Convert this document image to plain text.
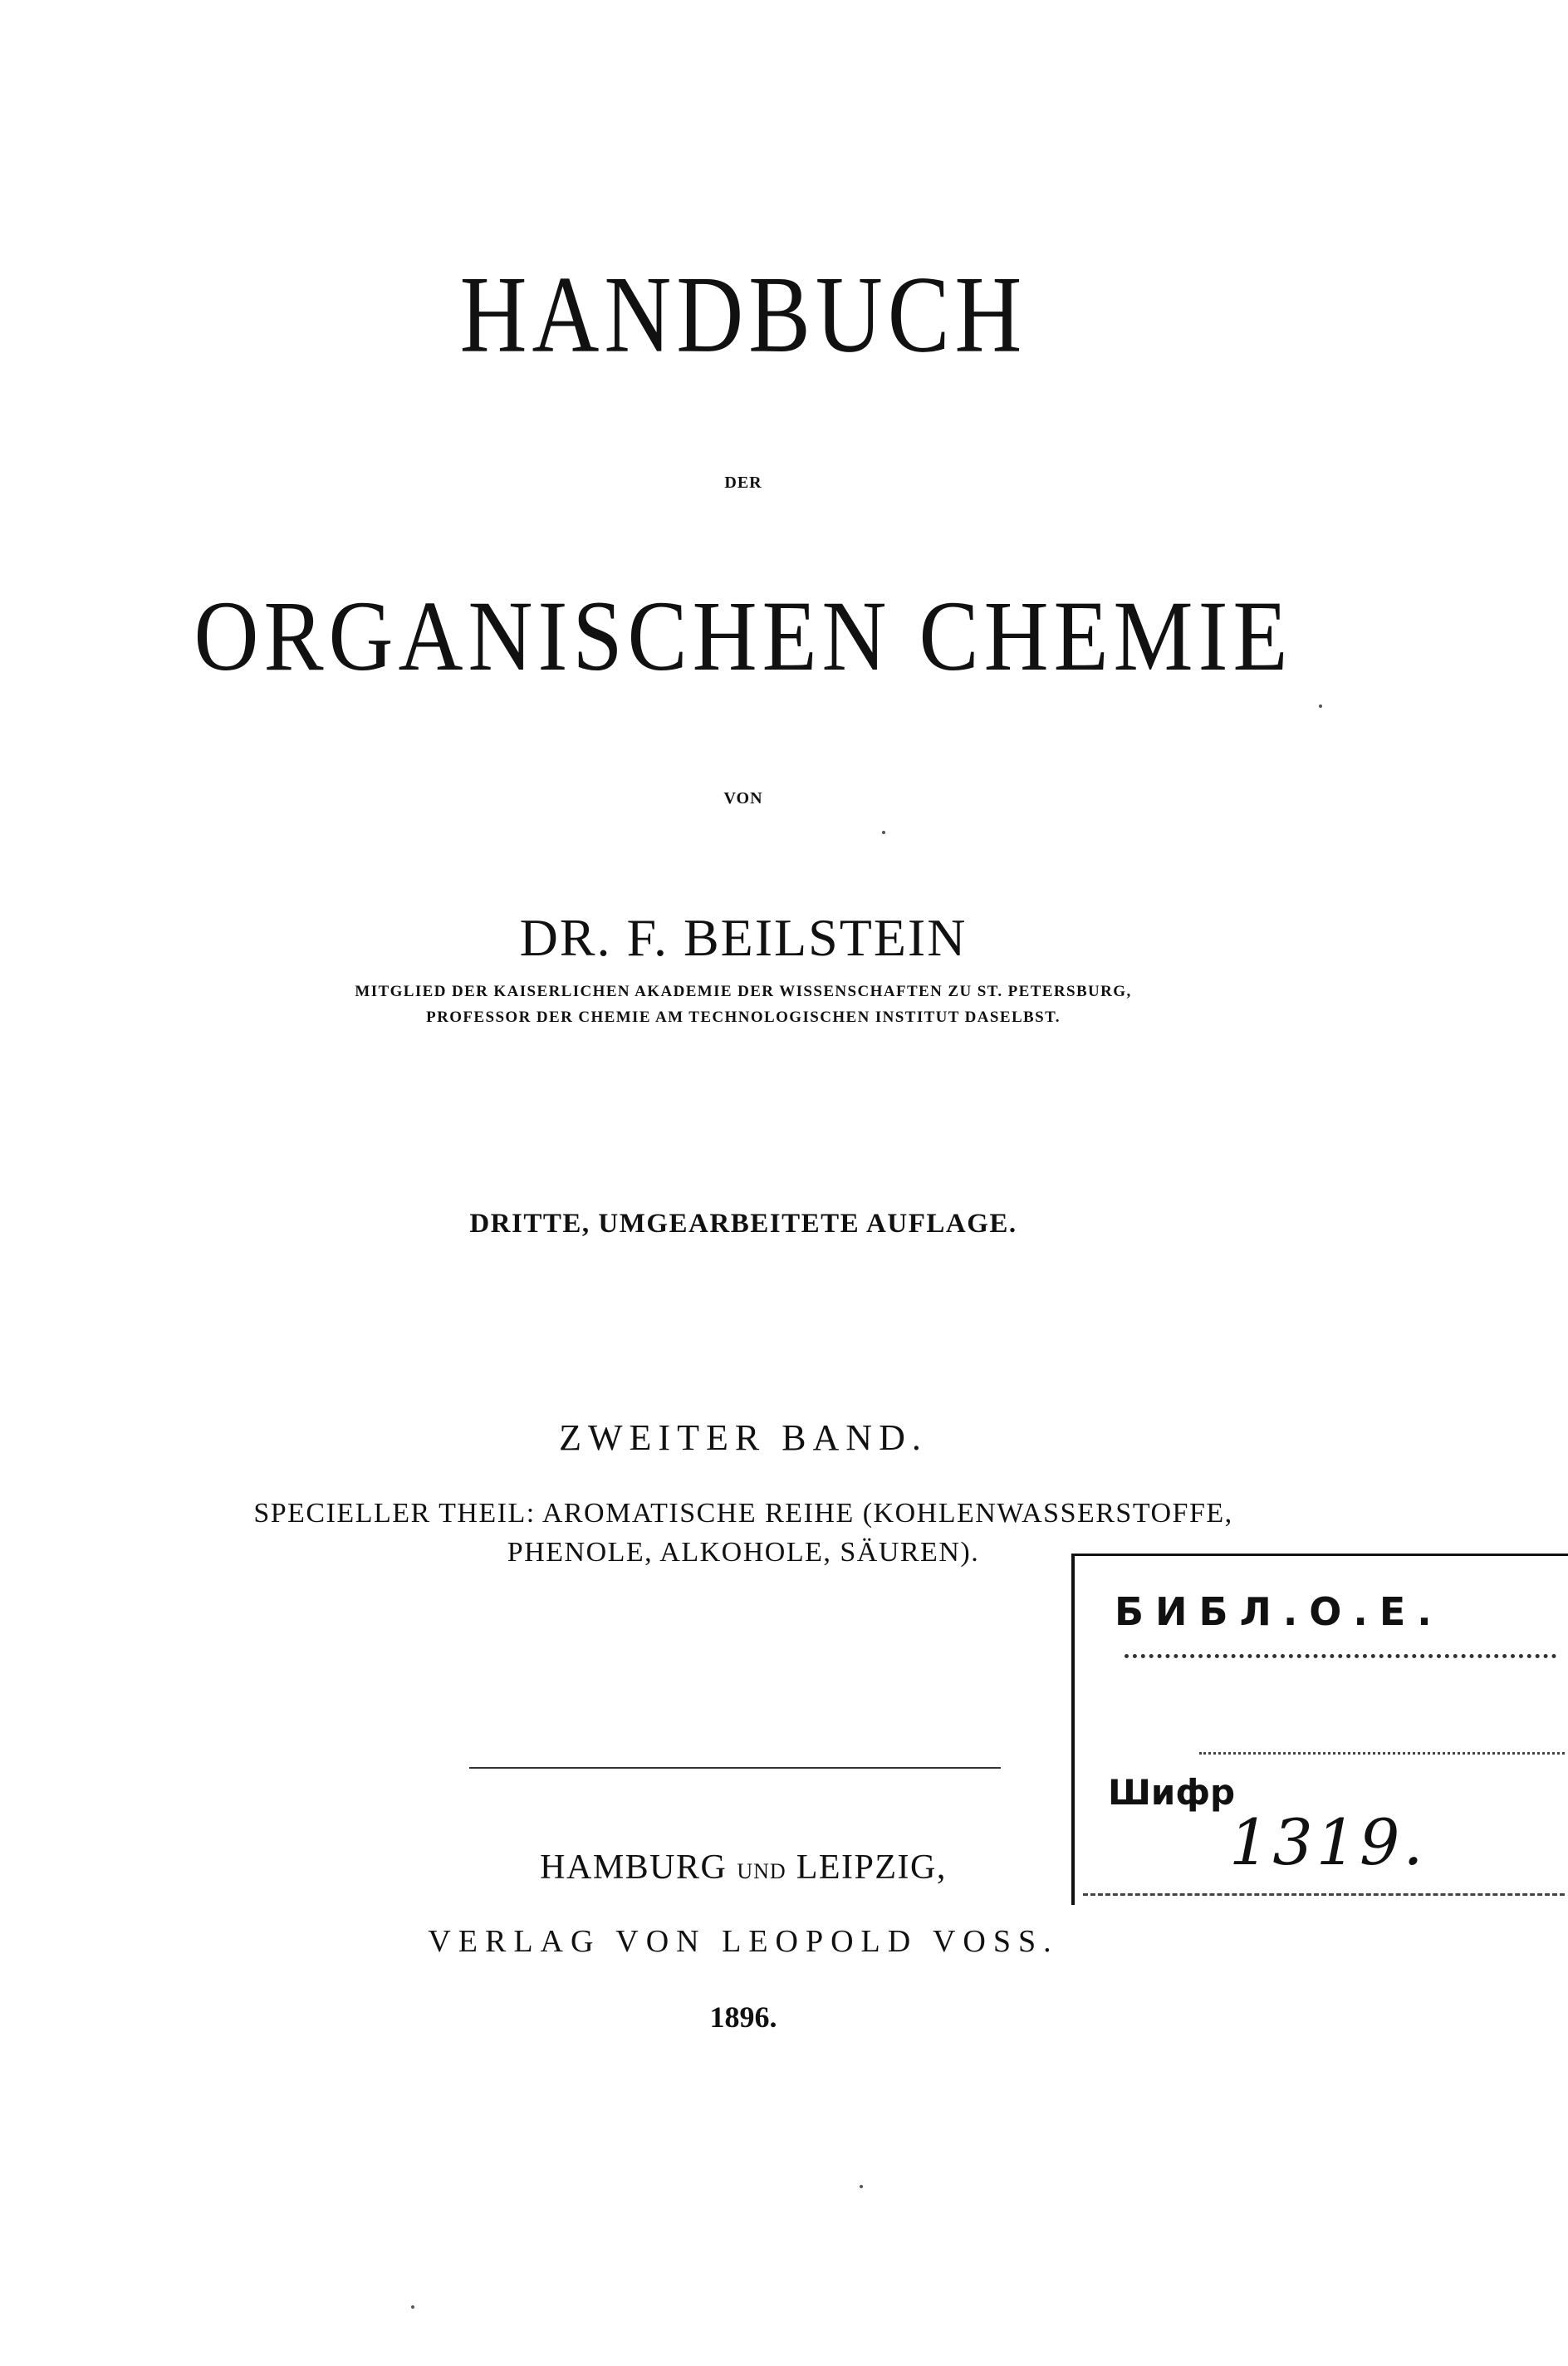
HANDBUCH
DER
ORGANISCHEN CHEMIE
VON
DR. F. BEILSTEIN
MITGLIED DER KAISERLICHEN AKADEMIE DER WISSENSCHAFTEN ZU ST. PETERSBURG,
PROFESSOR DER CHEMIE AM TECHNOLOGISCHEN INSTITUT DASELBST.
DRITTE, UMGEARBEITETE AUFLAGE.
ZWEITER BAND.
SPECIELLER THEIL: AROMATISCHE REIHE (KOHLENWASSERSTOFFE,
PHENOLE, ALKOHOLE, SÄUREN).
HAMBURG UND LEIPZIG,
VERLAG VON LEOPOLD VOSS.
1896.
БИБЛ.О.Е.
Шифр
1319.
